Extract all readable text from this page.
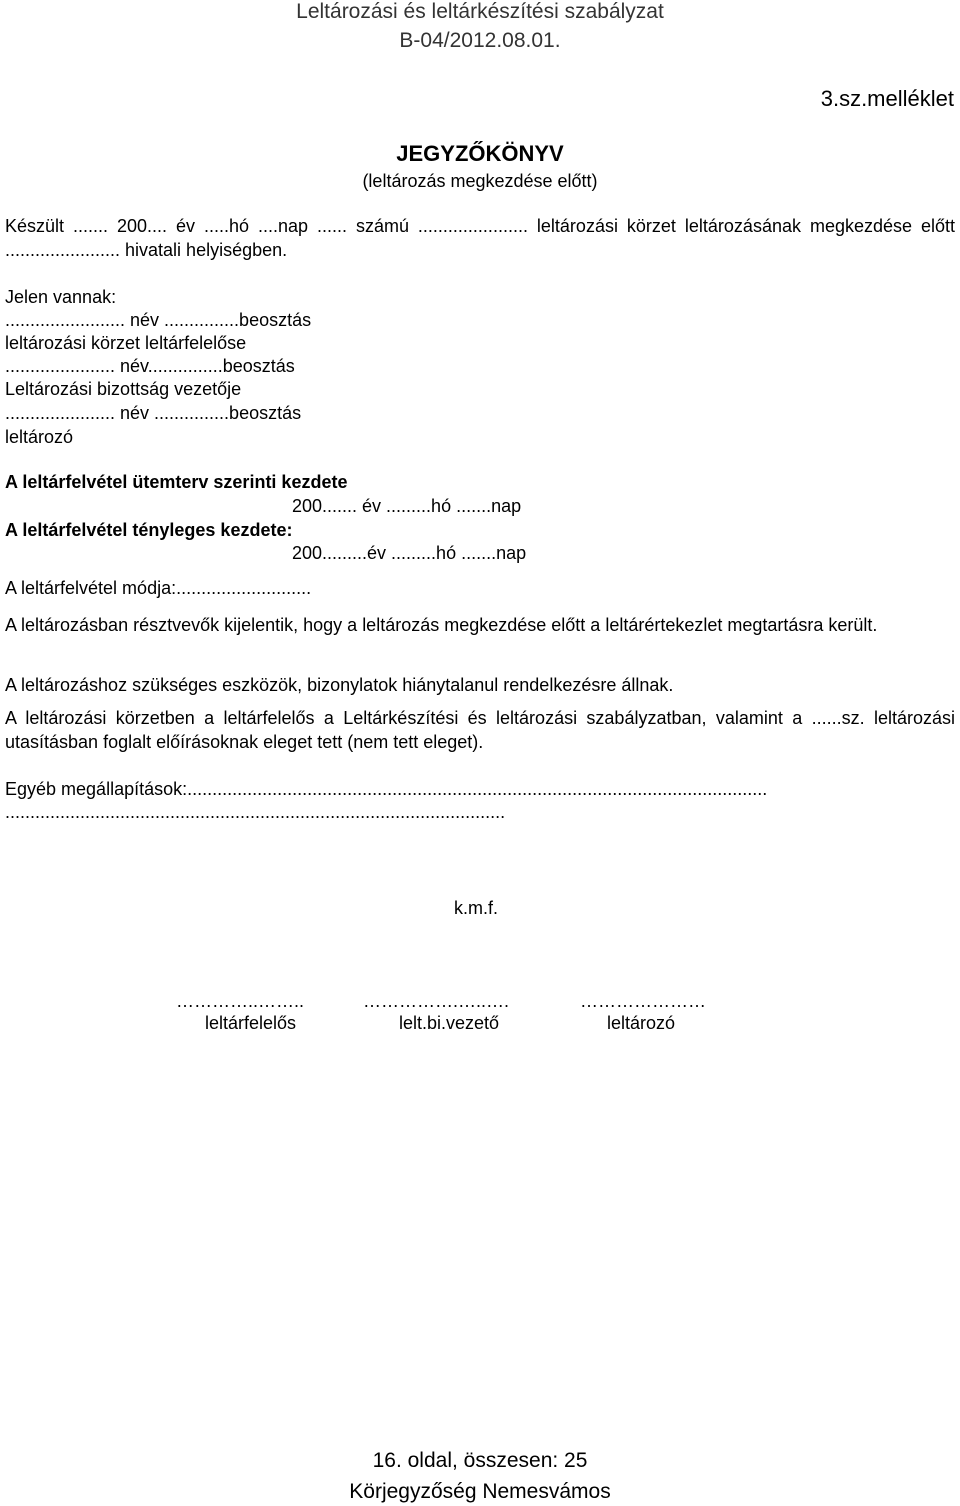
Leltározási és leltárkészítési szabályzat
B-04/2012.08.01.
3.sz.melléklet
JEGYZŐKÖNYV
(leltározás megkezdése előtt)
Készült ....... 200.... év .....hó ....nap ...... számú ...................... leltározási körzet leltározásának megkezdése előtt ....................... hivatali helyiségben.
Jelen vannak:
........................ név ...............beosztás
leltározási körzet leltárfelelőse
...................... név...............beosztás
Leltározási bizottság vezetője
...................... név ...............beosztás
leltározó
A leltárfelvétel ütemterv szerinti kezdete
200....... év .........hó .......nap
A leltárfelvétel tényleges kezdete:
200.........év .........hó .......nap
A leltárfelvétel módja:...........................
A leltározásban résztvevők kijelentik, hogy a leltározás megkezdése előtt a leltárértekezlet megtartásra került.
A leltározáshoz szükséges eszközök, bizonylatok hiánytalanul rendelkezésre állnak.
A leltározási körzetben a leltárfelelős a Leltárkészítési és leltározási szabályzatban, valamint a ......sz. leltározási utasításban foglalt előírásoknak eleget tett (nem tett eleget).
Egyéb megállapítások:....................................................................................................................
....................................................................................................
k.m.f.
…………..……..	…………….…..….	…………………
leltárfelelős	lelt.bi.vezető	leltározó
16. oldal, összesen: 25
Körjegyzőség Nemesvámos
